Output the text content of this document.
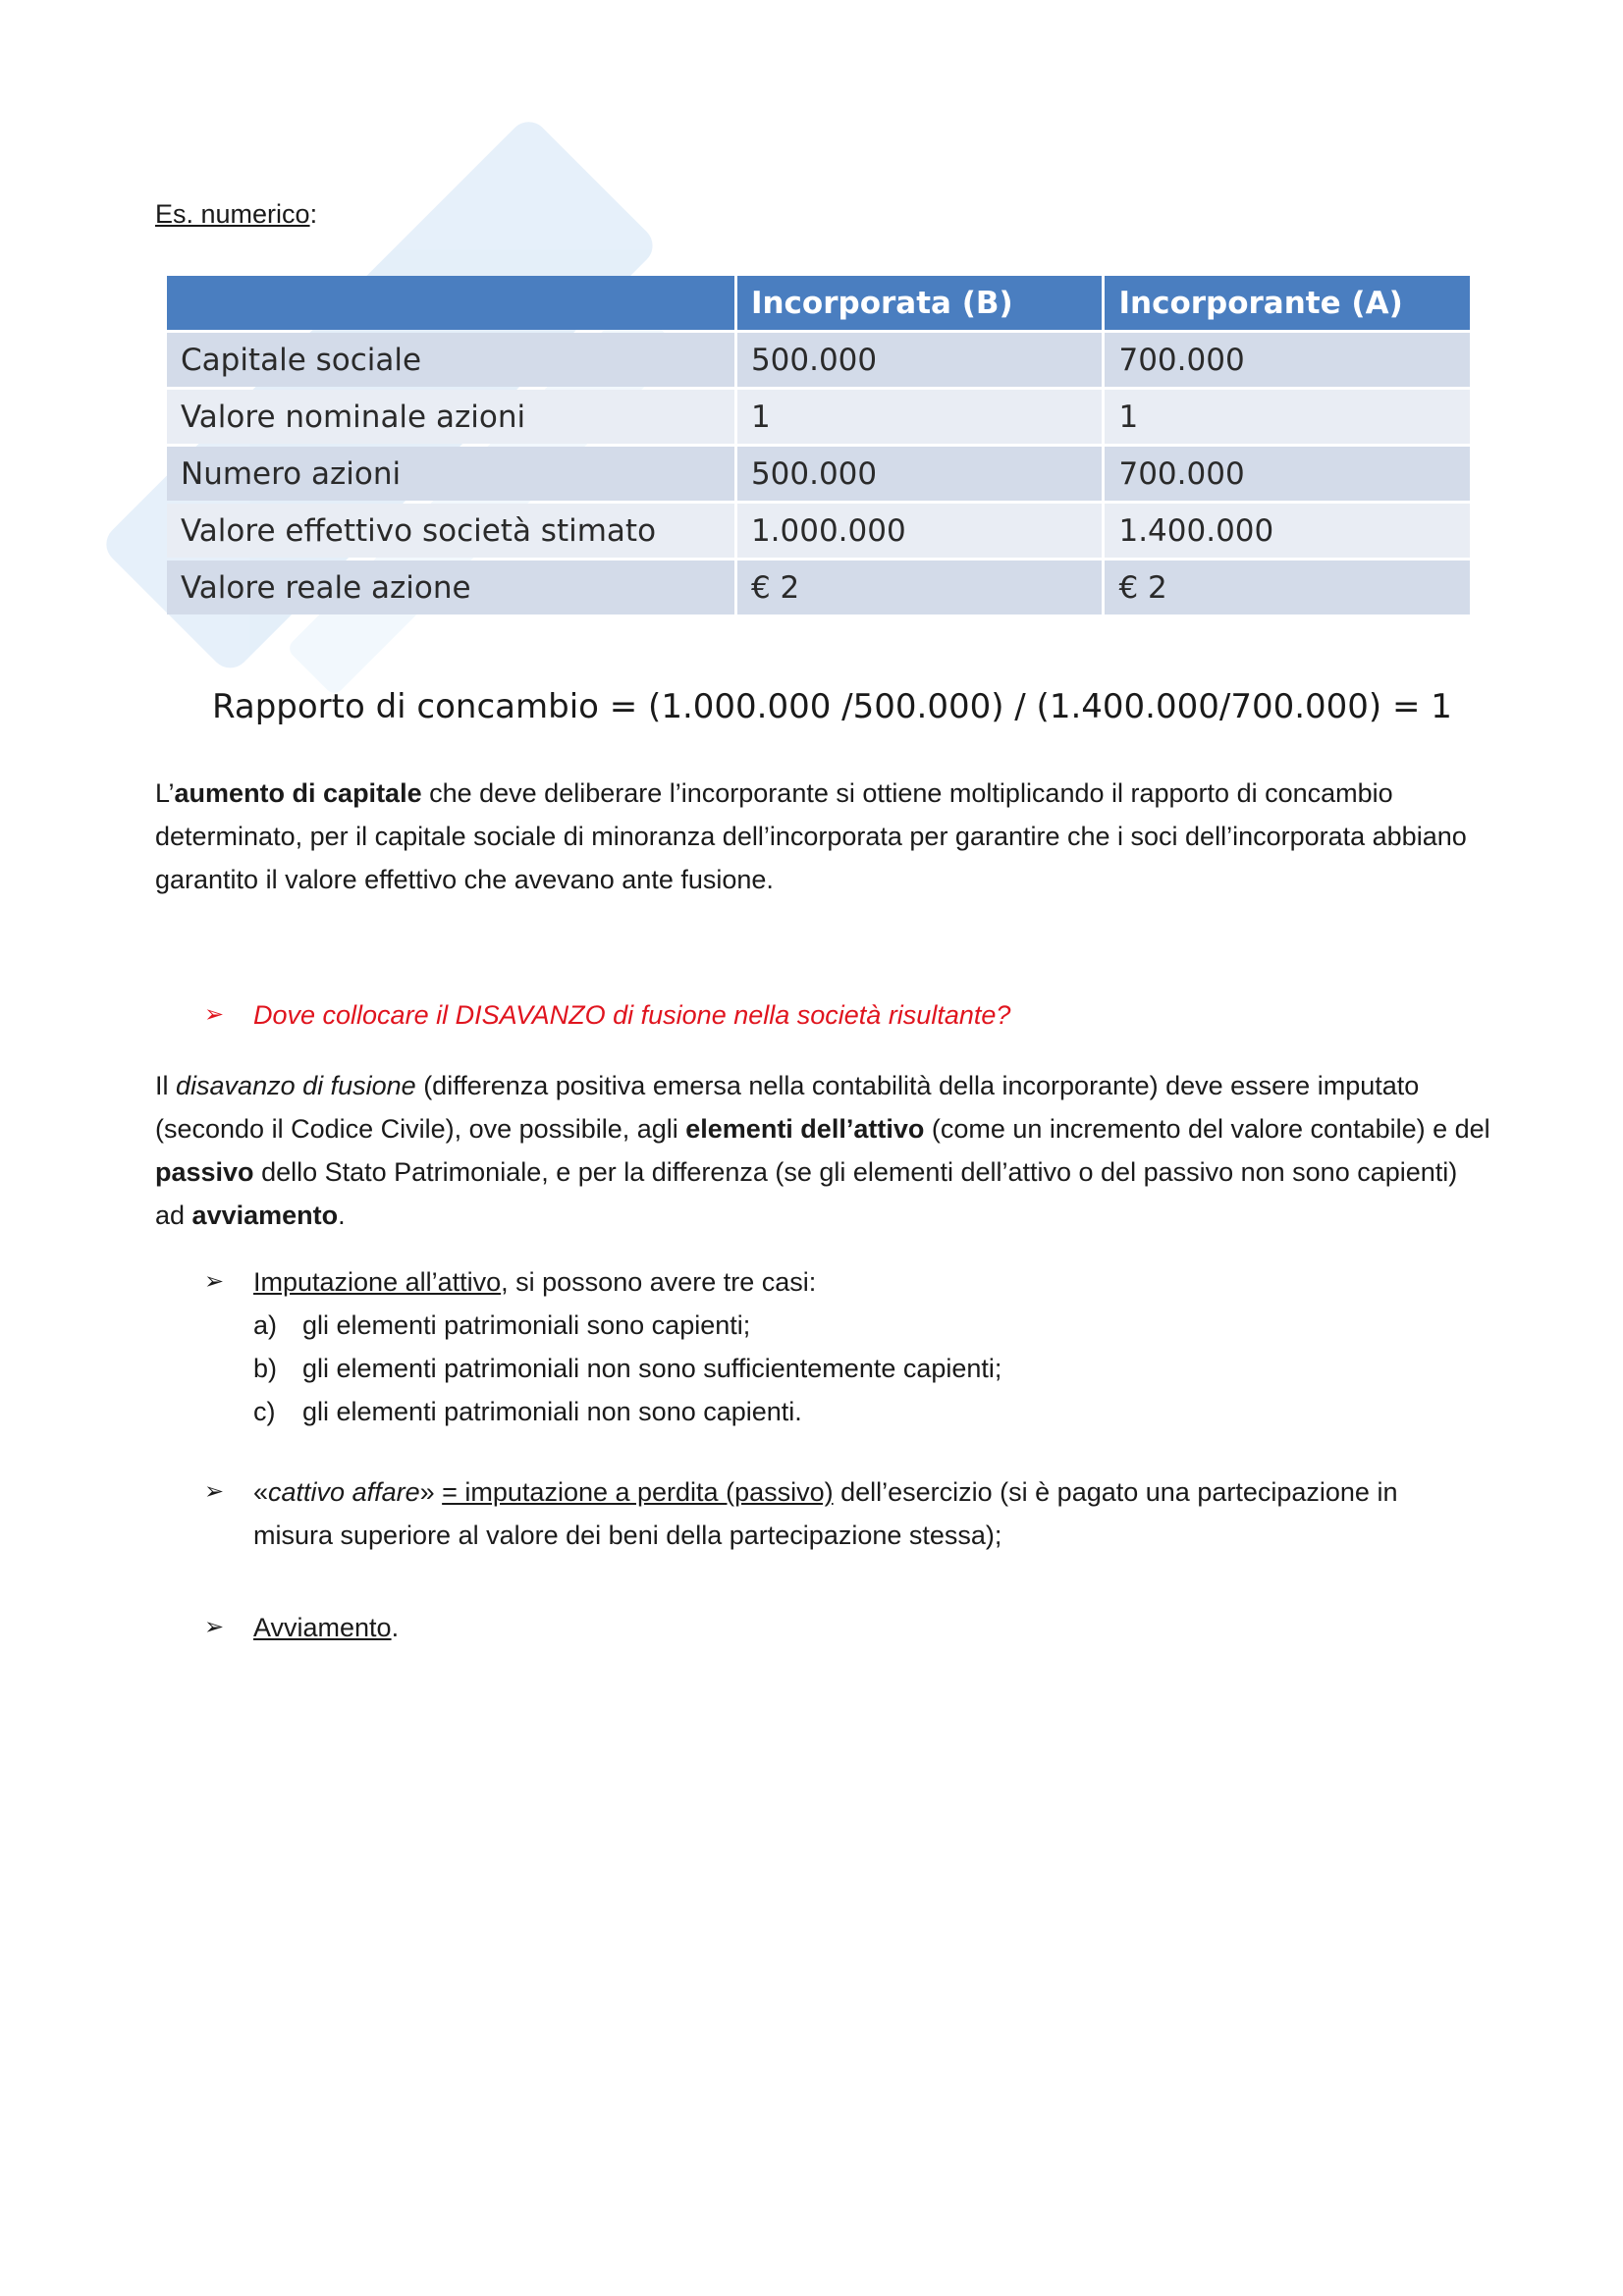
Es. numerico:
	Incorporata (B)	Incorporante (A)
Capitale sociale	500.000	700.000
Valore nominale azioni	1	1
Numero azioni	500.000	700.000
Valore effettivo società stimato	1.000.000	1.400.000
Valore reale azione	€ 2	€ 2
Rapporto di concambio = (1.000.000 /500.000) / (1.400.000/700.000) = 1
L’aumento di capitale che deve deliberare l’incorporante si ottiene moltiplicando il rapporto di concambio determinato, per il capitale sociale di minoranza dell’incorporata per garantire che i soci dell’incorporata abbiano garantito il valore effettivo che avevano ante fusione.
➢ Dove collocare il DISAVANZO di fusione nella società risultante?
Il disavanzo di fusione (differenza positiva emersa nella contabilità della incorporante) deve essere imputato (secondo il Codice Civile), ove possibile, agli elementi dell’attivo (come un incremento del valore contabile) e del passivo dello Stato Patrimoniale, e per la differenza (se gli elementi dell’attivo o del passivo non sono capienti) ad avviamento.
➢ Imputazione all’attivo, si possono avere tre casi:
a) gli elementi patrimoniali sono capienti;
b) gli elementi patrimoniali non sono sufficientemente capienti;
c) gli elementi patrimoniali non sono capienti.
➢ «cattivo affare» = imputazione a perdita (passivo) dell’esercizio (si è pagato una partecipazione in misura superiore al valore dei beni della partecipazione stessa);
➢ Avviamento.
